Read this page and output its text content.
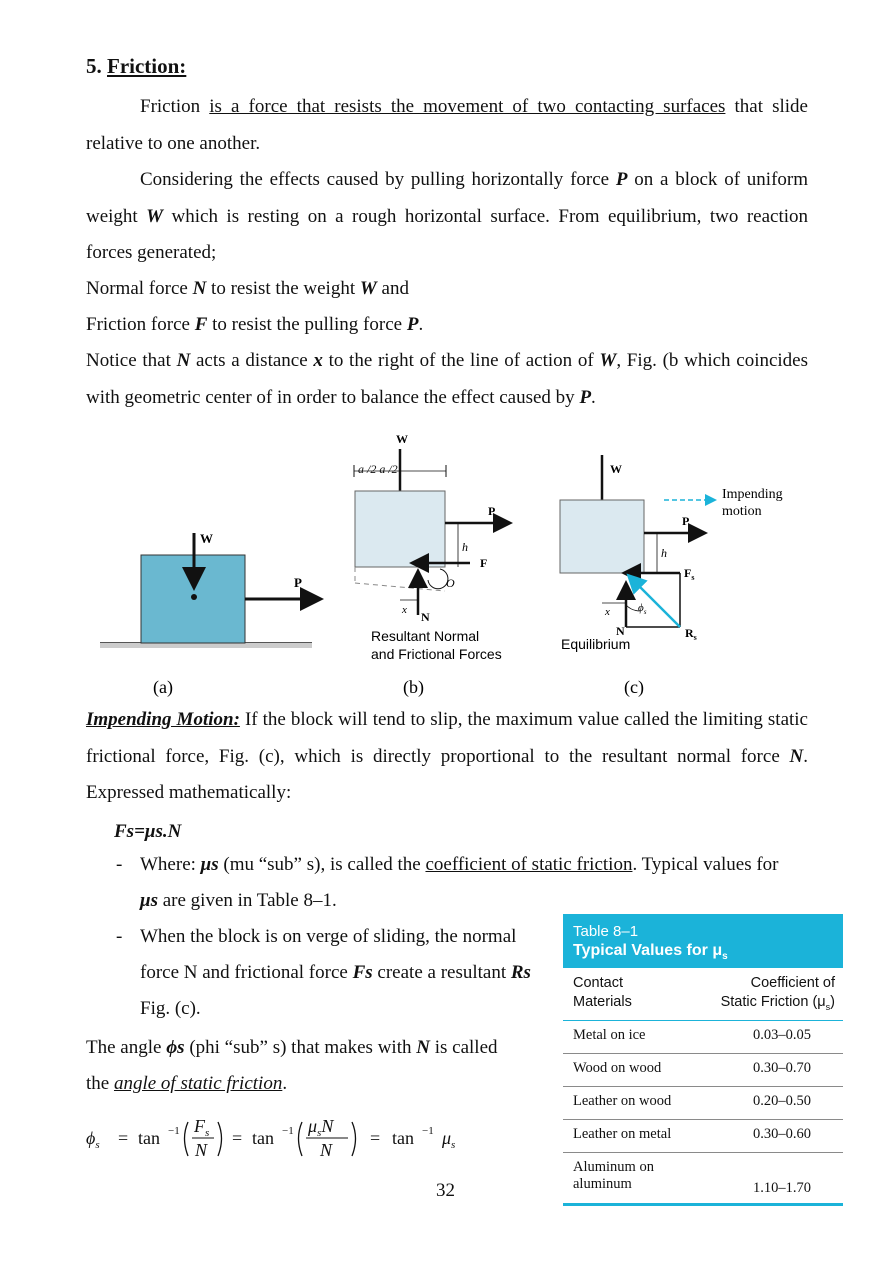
5. Friction:
Friction is a force that resists the movement of two contacting surfaces that slide relative to one another.
Considering the effects caused by pulling horizontally force P on a block of uniform weight W which is resting on a rough horizontal surface. From equilibrium, two reaction forces generated;
Normal force N to resist the weight W and
Friction force F to resist the pulling force P.
Notice that N acts a distance x to the right of the line of action of W, Fig. (b which coincides with geometric center of in order to balance the effect caused by P.
W
P
W
a /2 a /2
P
h
F
O
x N
Resultant Normal
and Frictional Forces
(b)
W
P
Impending
motion
h
$F_s$
$\phi_s$
x
N	$R_s$
Equilibrium
(c)
(a)
Impending Motion: If the block will tend to slip, the maximum value called the limiting static frictional force, Fig. (c), which is directly proportional to the resultant normal force N. Expressed mathematically:
Fs=μs.N
- Where: μs (mu “sub” s), is called the coefficient of static friction. Typical values for μs are given in Table 8–1.
- When the block is on verge of sliding, the normal force N and frictional force Fs create a resultant Rs Fig. (c).
The angle ϕs (phi “sub” s) that makes with N is called the angle of static friction.
$\phi_s = \tan -1$ $F_s$
N
= tan −1 $\mu_sN$
N
= tan −1 $\mu_s$
32
Table 8–1
Typical Values for $\mu_s$
Contact
Materials
Coefficient of
Static Friction $(\mu_s)$
Metal on ice	0.03–0.05
Wood on wood	0.30–0.70
Leather on wood	0.20–0.50
Leather on metal	0.30–0.60
Aluminum on
aluminum	1.10–1.70
